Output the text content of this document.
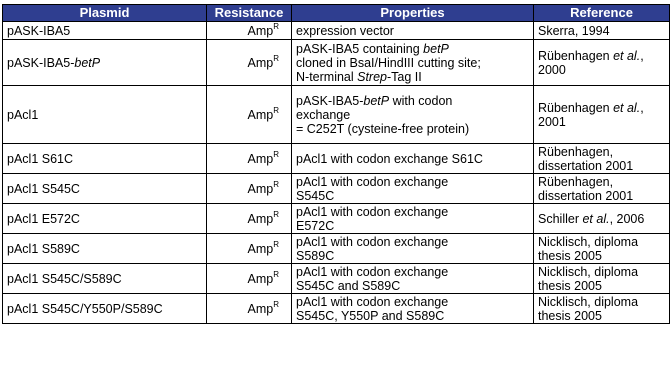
Plasmid	Resistance	Properties	Reference
pASK-IBA5	Amp$^R$	expression vector	Skerra, 1994
pASK-IBA5-betP	Amp$^R$	pASK-IBA5 containing betP
cloned in BsaI/HindIII cutting site;
N-terminal Strep-Tag II	Rübenhagen et al.,
2000
pAcl1	Amp$^R$	pASK-IBA5-betP with codon
exchange
= C252T (cysteine-free protein)	Rübenhagen et al.,
2001
pAcl1 S61C	Amp$^R$	pAcl1 with codon exchange S61C	Rübenhagen,
dissertation 2001
pAcl1 S545C	Amp$^R$	pAcl1 with codon exchange
S545C	Rübenhagen,
dissertation 2001
pAcl1 E572C	Amp$^R$	pAcl1 with codon exchange
E572C	Schiller et al., 2006
pAcl1 S589C	Amp$^R$	pAcl1 with codon exchange
S589C	Nicklisch, diploma
thesis 2005
pAcl1 S545C/S589C	Amp$^R$	pAcl1 with codon exchange
S545C and S589C	Nicklisch, diploma
thesis 2005
pAcl1 S545C/Y550P/S589C	Amp$^R$	pAcl1 with codon exchange
S545C, Y550P and S589C	Nicklisch, diploma
thesis 2005
